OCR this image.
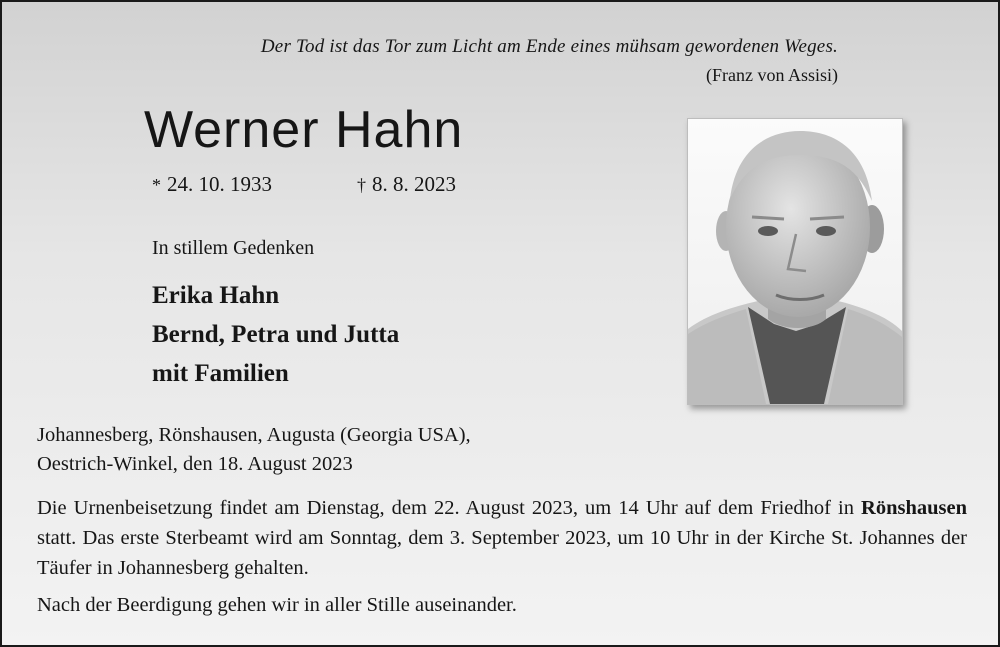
Der Tod ist das Tor zum Licht am Ende eines mühsam gewordenen Weges.
(Franz von Assisi)
Werner Hahn
* 24. 10. 1933	† 8. 8. 2023
In stillem Gedenken
Erika Hahn
Bernd, Petra und Jutta
mit Familien
Johannesberg, Rönshausen, Augusta (Georgia USA),
Oestrich-Winkel, den 18. August 2023

Die Urnenbeisetzung findet am Dienstag, dem 22. August 2023, um 14 Uhr auf dem Friedhof in Rönshausen statt. Das erste Sterbeamt wird am Sonntag, dem 3. September 2023, um 10 Uhr in der Kirche St. Johannes der Täufer in Johannesberg gehalten.

Nach der Beerdigung gehen wir in aller Stille auseinander.
